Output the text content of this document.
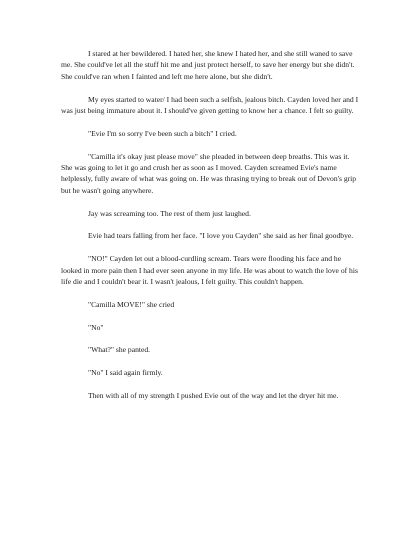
I stared at her bewildered. I hated her, she knew I hated her, and she still waned to save me. She could've let all the stuff hit me and just protect herself, to save her energy but she didn't. She could've ran when I fainted and left me here alone, but she didn't.

My eyes started to water/ I had been such a selfish, jealous bitch. Cayden loved her and I was just being immature about it. I should've given getting to know her a chance. I felt so guilty.

"Evie I'm so sorry I've been such a bitch" I cried.

"Camilla it's okay just please move" she pleaded in between deep breaths. This was it. She was going to let it go and crush her as soon as I moved. Cayden screamed Evie's name helplessly, fully aware of what was going on. He was thrasing trying to break out of Devon's grip but he wasn't going anywhere.

Jay was screaming too. The rest of them just laughed.

Evie had tears falling from her face. "I love you Cayden" she said as her final goodbye.

"NO!" Cayden let out a blood-curdling scream. Tears were flooding his face and he looked in more pain then I had ever seen anyone in my life. He was about to watch the love of his life die and I couldn't bear it. I wasn't jealous, I felt guilty. This couldn't happen.

"Camilla MOVE!" she cried

"No"

"What?" she panted.

"No" I said again firmly.

Then with all of my strength I pushed Evie out of the way and let the dryer hit me.
